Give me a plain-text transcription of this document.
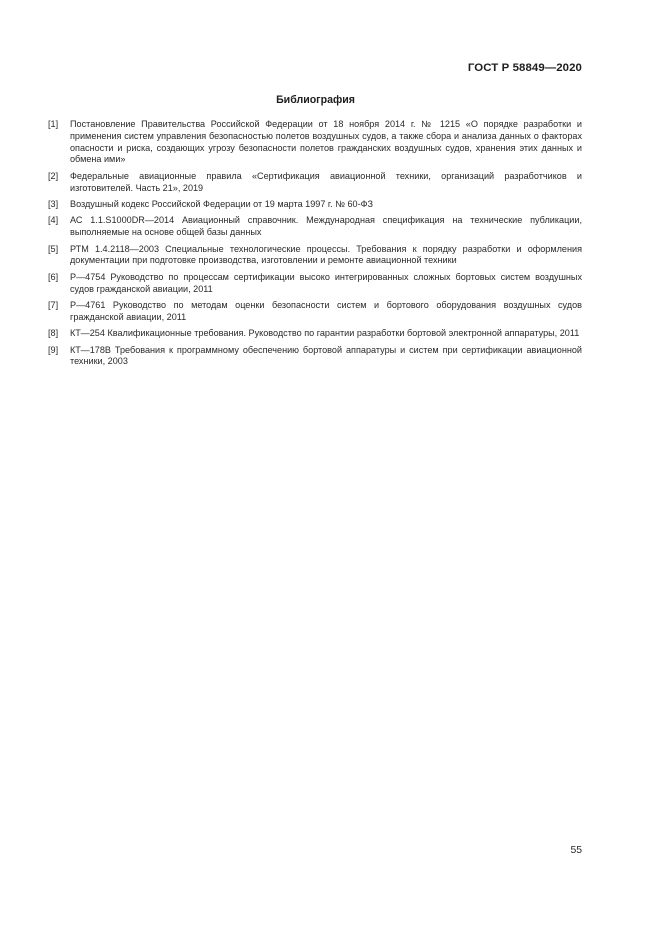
ГОСТ Р 58849—2020
Библиография
[1]	Постановление Правительства Российской Федерации от 18 ноября 2014 г. № 1215 «О порядке разработки и применения систем управления безопасностью полетов воздушных судов, а также сбора и анализа данных о факторах опасности и риска, создающих угрозу безопасности полетов гражданских воздушных судов, хранения этих данных и обмена ими»
[2]	Федеральные авиационные правила «Сертификация авиационной техники, организаций разработчиков и изготовителей. Часть 21», 2019
[3]	Воздушный кодекс Российской Федерации от 19 марта 1997 г. № 60-ФЗ
[4]	АС 1.1.S1000DR—2014 Авиационный справочник. Международная спецификация на технические публикации, выполняемые на основе общей базы данных
[5]	РТМ 1.4.2118—2003 Специальные технологические процессы. Требования к порядку разработки и оформления документации при подготовке производства, изготовлении и ремонте авиационной техники
[6]	Р—4754 Руководство по процессам сертификации высоко интегрированных сложных бортовых систем воздушных судов гражданской авиации, 2011
[7]	Р—4761 Руководство по методам оценки безопасности систем и бортового оборудования воздушных судов гражданской авиации, 2011
[8]	КТ—254 Квалификационные требования. Руководство по гарантии разработки бортовой электронной аппаратуры, 2011
[9]	КТ—178В Требования к программному обеспечению бортовой аппаратуры и систем при сертификации авиационной техники, 2003
55
